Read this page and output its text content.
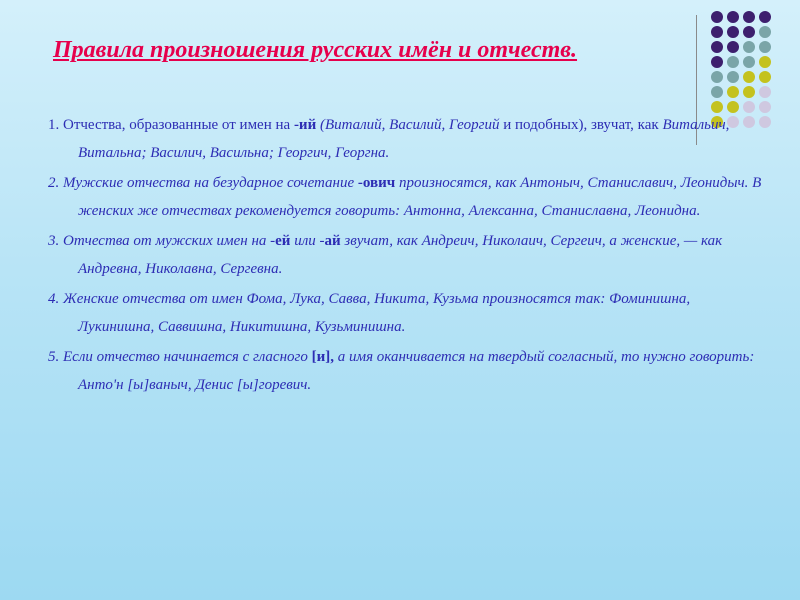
Правила произношения русских имён и отчеств.
1. Отчества, образованные от имен на -ий (Виталий, Василий, Георгий и подобных), звучат, как Витальич, Витальна; Василич, Васильна; Георгич, Георгна.
2. Мужские отчества на безударное сочетание -ович произносятся, как Антоныч, Станиславич, Леонидыч. В женских же отчествах рекомендуется говорить: Антонна, Алексанна, Станиславна, Леонидна.
3. Отчества от мужских имен на -ей или -ай звучат, как Андреич, Николаич, Сергеич, а женские, — как Андревна, Николавна, Сергевна.
4. Женские отчества от имен Фома, Лука, Савва, Никита, Кузьма произносятся так: Фоминишна, Лукинишна, Саввишна, Никитишна, Кузьминишна.
5. Если отчество начинается с гласного [и], а имя оканчивается на твердый согласный, то нужно говорить: Анто'н [ы]ваныч, Денис [ы]горевич.
